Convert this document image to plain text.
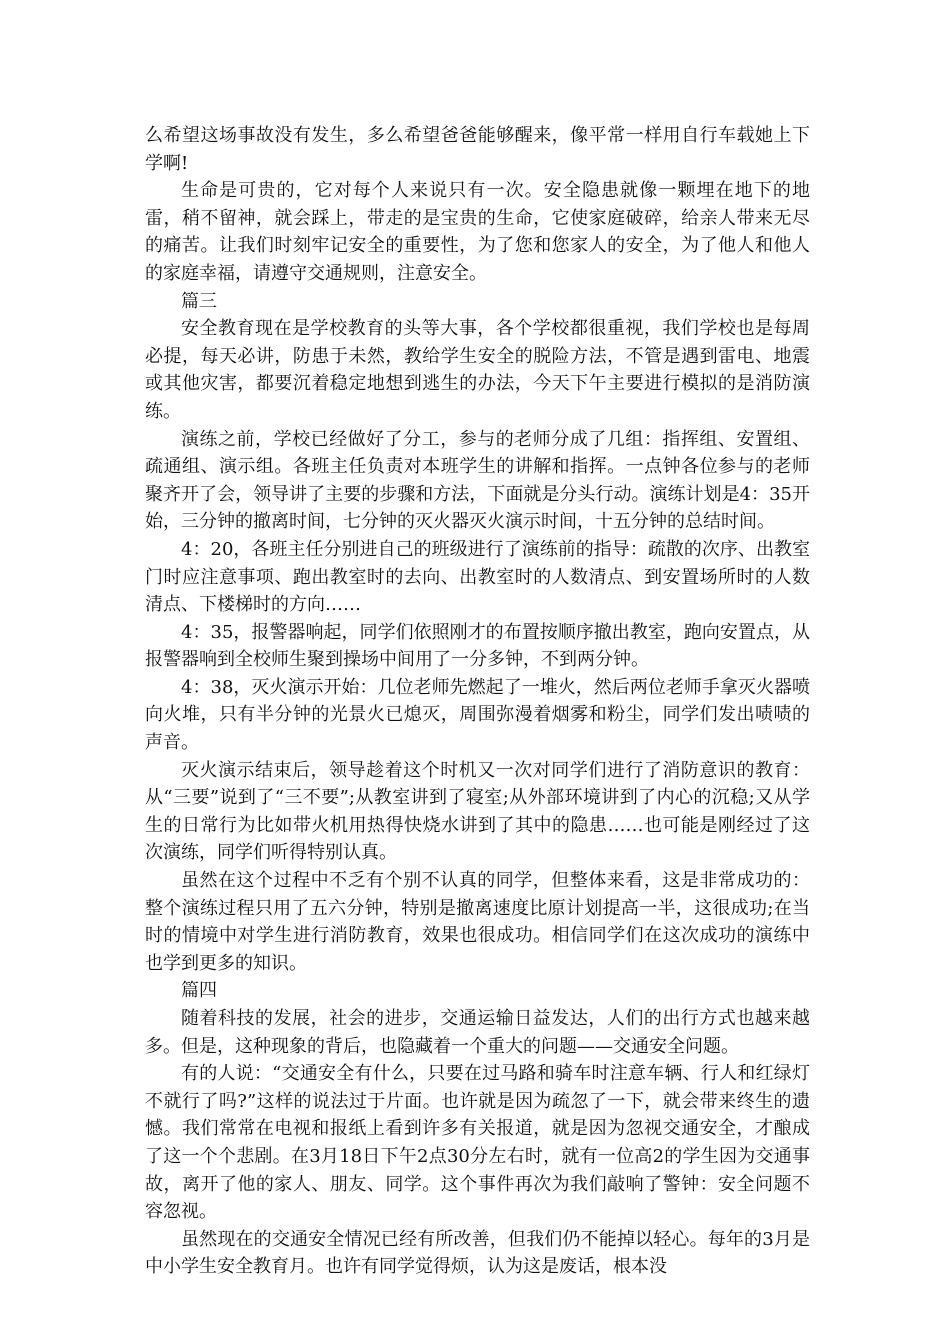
么希望这场事故没有发生，多么希望爸爸能够醒来，像平常一样用自行车载她上下学啊!

生命是可贵的，它对每个人来说只有一次。安全隐患就像一颗埋在地下的地雷，稍不留神，就会踩上，带走的是宝贵的生命，它使家庭破碎，给亲人带来无尽的痛苦。让我们时刻牢记安全的重要性，为了您和您家人的安全，为了他人和他人的家庭幸福，请遵守交通规则，注意安全。

篇三

安全教育现在是学校教育的头等大事，各个学校都很重视，我们学校也是每周必提，每天必讲，防患于未然，教给学生安全的脱险方法，不管是遇到雷电、地震或其他灾害，都要沉着稳定地想到逃生的办法，今天下午主要进行模拟的是消防演练。

演练之前，学校已经做好了分工，参与的老师分成了几组：指挥组、安置组、疏通组、演示组。各班主任负责对本班学生的讲解和指挥。一点钟各位参与的老师聚齐开了会，领导讲了主要的步骤和方法，下面就是分头行动。演练计划是4：35开始，三分钟的撤离时间，七分钟的灭火器灭火演示时间，十五分钟的总结时间。

4：20，各班主任分别进自己的班级进行了演练前的指导：疏散的次序、出教室门时应注意事项、跑出教室时的去向、出教室时的人数清点、到安置场所时的人数清点、下楼梯时的方向……

4：35，报警器响起，同学们依照刚才的布置按顺序撤出教室，跑向安置点，从报警器响到全校师生聚到操场中间用了一分多钟，不到两分钟。

4：38，灭火演示开始：几位老师先燃起了一堆火，然后两位老师手拿灭火器喷向火堆，只有半分钟的光景火已熄灭，周围弥漫着烟雾和粉尘，同学们发出啧啧的声音。

灭火演示结束后，领导趁着这个时机又一次对同学们进行了消防意识的教育：从“三要”说到了“三不要”;从教室讲到了寝室;从外部环境讲到了内心的沉稳;又从学生的日常行为比如带火机用热得快烧水讲到了其中的隐患……也可能是刚经过了这次演练，同学们听得特别认真。

虽然在这个过程中不乏有个别不认真的同学，但整体来看，这是非常成功的：整个演练过程只用了五六分钟，特别是撤离速度比原计划提高一半，这很成功;在当时的情境中对学生进行消防教育，效果也很成功。相信同学们在这次成功的演练中也学到更多的知识。

篇四

随着科技的发展，社会的进步，交通运输日益发达，人们的出行方式也越来越多。但是，这种现象的背后，也隐藏着一个重大的问题——交通安全问题。

有的人说：“交通安全有什么，只要在过马路和骑车时注意车辆、行人和红绿灯不就行了吗?”这样的说法过于片面。也许就是因为疏忽了一下，就会带来终生的遗憾。我们常常在电视和报纸上看到许多有关报道，就是因为忽视交通安全，才酿成了这一个个悲剧。在3月18日下午2点30分左右时，就有一位高2的学生因为交通事故，离开了他的家人、朋友、同学。这个事件再次为我们敲响了警钟：安全问题不容忽视。

虽然现在的交通安全情况已经有所改善，但我们仍不能掉以轻心。每年的3月是中小学生安全教育月。也许有同学觉得烦，认为这是废话，根本没
